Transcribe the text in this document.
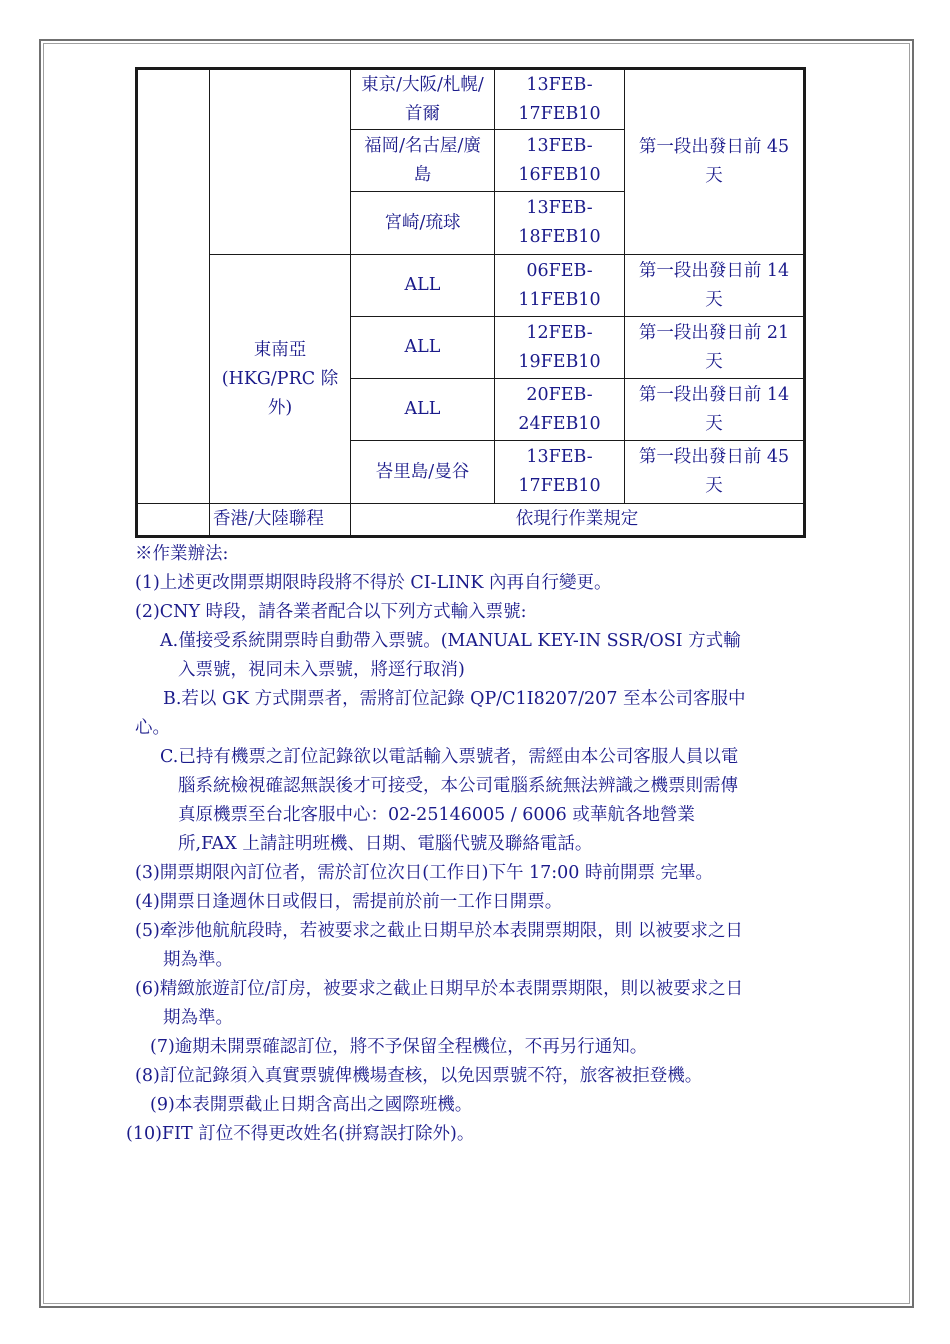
東京/大阪/札幌/
首爾
13FEB-
17FEB10
第一段出發日前 45
天
福岡/名古屋/廣
島
13FEB-
16FEB10
宮崎/琉球
13FEB-
18FEB10
東南亞
(HKG/PRC 除
外)
ALL
06FEB-
11FEB10
第一段出發日前 14
天
ALL
12FEB-
19FEB10
第一段出發日前 21
天
ALL
20FEB-
24FEB10
第一段出發日前 14
天
峇里島/曼谷
13FEB-
17FEB10
第一段出發日前 45
天
香港/大陸聯程	依現行作業規定
※作業辦法:
(1)上述更改開票期限時段將不得於 CI-LINK 內再自行變更。
(2)CNY 時段，請各業者配合以下列方式輸入票號:
A.僅接受系統開票時自動帶入票號。(MANUAL KEY-IN SSR/OSI 方式輸
入票號，視同未入票號，將逕行取消)
B.若以 GK 方式開票者，需將訂位記錄 QP/C1I8207/207 至本公司客服中
心。
C.已持有機票之訂位記錄欲以電話輸入票號者，需經由本公司客服人員以電
腦系統檢視確認無誤後才可接受，本公司電腦系統無法辨識之機票則需傳
真原機票至台北客服中心：02-25146005 / 6006 或華航各地營業
所,FAX 上請註明班機、日期、電腦代號及聯絡電話。
(3)開票期限內訂位者，需於訂位次日(工作日)下午 17:00 時前開票 完畢。
(4)開票日逢週休日或假日，需提前於前一工作日開票。
(5)牽涉他航航段時，若被要求之截止日期早於本表開票期限，則 以被要求之日
期為準。
(6)精緻旅遊訂位/訂房，被要求之截止日期早於本表開票期限，則以被要求之日
期為準。
(7)逾期未開票確認訂位，將不予保留全程機位，不再另行通知。
(8)訂位記錄須入真實票號俾機場查核，以免因票號不符，旅客被拒登機。
(9)本表開票截止日期含高出之國際班機。
(10)FIT 訂位不得更改姓名(拼寫誤打除外)。
